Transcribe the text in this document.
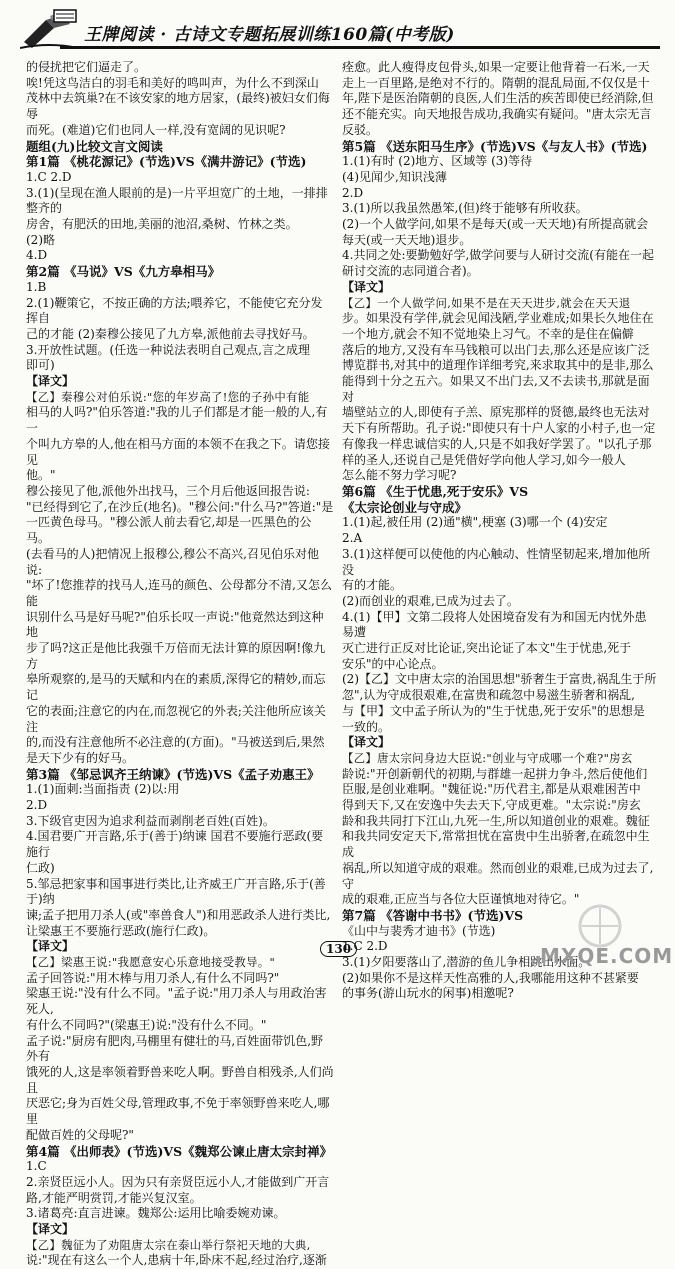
王牌阅读 · 古诗文专题拓展训练160篇(中考版)

的侵扰把它们逼走了。

唉!凭这鸟洁白的羽毛和美好的鸣叫声，为什么不到深山

茂林中去筑巢?在不该安家的地方居家，(最终)被妇女们侮辱

而死。(难道)它们也同人一样,没有宽阔的见识呢?

题组(九)比较文言文阅读

第1篇 《桃花源记》(节选)VS《满井游记》(节选)

1.C 2.D

3.(1)(呈现在渔人眼前的是)一片平坦宽广的土地，一排排整齐的

房舍，有肥沃的田地,美丽的池沼,桑树、竹林之类。

(2)略

4.D

第2篇 《马说》VS《九方皋相马》

1.B

2.(1)鞭策它，不按正确的方法;喂养它，不能使它充分发挥自

己的才能 (2)秦穆公接见了九方皋,派他前去寻找好马。

3.开放性试题。(任选一种说法表明自己观点,言之成理

即可)

【译文】

【乙】秦穆公对伯乐说:"您的年岁高了!您的子孙中有能

相马的人吗?"伯乐答道:"我的儿子们都是才能一般的人,有一

个叫九方皋的人,他在相马方面的本领不在我之下。请您接见

他。"

穆公接见了他,派他外出找马，三个月后他返回报告说:

"已经得到它了,在沙丘(地名)。"穆公问:"什么马?"答道:"是

一匹黄色母马。"穆公派人前去看它,却是一匹黑色的公马。

(去看马的人)把情况上报穆公,穆公不高兴,召见伯乐对他说:

"坏了!您推荐的找马人,连马的颜色、公母都分不清,又怎么能

识别什么马是好马呢?"伯乐长叹一声说:"他竟然达到这种地

步了吗?这正是他比我强千万倍而无法计算的原因啊!像九方

皋所观察的,是马的天赋和内在的素质,深得它的精妙,而忘记

它的表面;注意它的内在,而忽视它的外表;关注他所应该关注

的,而没有注意他所不必注意的(方面)。"马被送到后,果然

是天下少有的好马。

第3篇 《邹忌讽齐王纳谏》(节选)VS《孟子劝惠王》

1.(1)面刺:当面指责 (2)以:用

2.D

3.下级官吏因为追求利益而剥削老百姓(百姓)。

4.国君要广开言路,乐于(善于)纳谏 国君不要施行恶政(要施行

仁政)

5.邹忌把家事和国事进行类比,让齐威王广开言路,乐于(善于)纳

谏;孟子把用刀杀人(或"率兽食人")和用恶政杀人进行类比,

让梁惠王不要施行恶政(施行仁政)。

【译文】

【乙】梁惠王说:"我愿意安心乐意地接受教导。"

孟子回答说:"用木棒与用刀杀人,有什么不同吗?"

梁惠王说:"没有什么不同。"孟子说:"用刀杀人与用政治害死人,

有什么不同吗?"(梁惠王)说:"没有什么不同。"

孟子说:"厨房有肥肉,马棚里有健壮的马,百姓面带饥色,野外有

饿死的人,这是率领着野兽来吃人啊。野兽自相残杀,人们尚且

厌恶它;身为百姓父母,管理政事,不免于率领野兽来吃人,哪里

配做百姓的父母呢?"

第4篇 《出师表》(节选)VS《魏郑公谏止唐太宗封禅》

1.C

2.亲贤臣远小人。因为只有亲贤臣远小人,才能做到广开言

路,才能严明赏罚,才能兴复汉室。

3.诸葛亮:直言进谏。魏郑公:运用比喻委婉劝谏。

【译文】

【乙】魏征为了劝阻唐太宗在泰山举行祭祀天地的大典,

说:"现在有这么一个人,患病十年,卧床不起,经过治疗,逐渐

痊愈。此人瘦得皮包骨头,如果一定要让他背着一石米,一天

走上一百里路,是绝对不行的。隋朝的混乱局面,不仅仅是十

年,陛下是医治隋朝的良医,人们生活的疾苦即使已经消除,但

还不能充实。向天地报告成功,我确实有疑问。"唐太宗无言反驳。

第5篇 《送东阳马生序》(节选)VS《与友人书》(节选)

1.(1)有时 (2)地方、区域等 (3)等待

(4)见闻少,知识浅薄

2.D

3.(1)所以我虽然愚笨,(但)终于能够有所收获。

(2)一个人做学问,如果不是每天(或一天天地)有所提高就会

每天(或一天天地)退步。

4.共同之处:要勤勉好学,做学问要与人研讨交流(有能在一起

研讨交流的志同道合者)。

【译文】

【乙】一个人做学问,如果不是在天天进步,就会在天天退

步。如果没有学伴,就会见闻浅陋,学业难成;如果长久地住在

一个地方,就会不知不觉地染上习气。不幸的是住在偏僻

落后的地方,又没有车马钱粮可以出门去,那么还是应该广泛

博览群书,对其中的道理作详细考究,来求取其中的是非,那么

能得到十分之五六。如果又不出门去,又不去读书,那就是面对

墙壁站立的人,即使有子羔、原宪那样的贤德,最终也无法对

天下有所帮助。孔子说:"即使只有十户人家的小村子,也一定

有像我一样忠诚信实的人,只是不如我好学罢了。"以孔子那

样的圣人,还说自己是凭借好学向他人学习,如今一般人

怎么能不努力学习呢?

第6篇 《生于忧患,死于安乐》VS

《太宗论创业与守成》

1.(1)起,被任用 (2)通"横",梗塞 (3)哪一个 (4)安定

2.A

3.(1)这样便可以使他的内心触动、性情坚韧起来,增加他所没

有的才能。

(2)而创业的艰难,已成为过去了。

4.(1)【甲】文第二段将人处困境奋发有为和国无内忧外患易遭

灭亡进行正反对比论证,突出论证了本文"生于忧患,死于

安乐"的中心论点。

(2)【乙】文中唐太宗的治国思想"骄奢生于富贵,祸乱生于所

忽",认为守成很艰难,在富贵和疏忽中易滋生骄奢和祸乱,

与【甲】文中孟子所认为的"生于忧患,死于安乐"的思想是

一致的。

【译文】

【乙】唐太宗问身边大臣说:"创业与守成哪一个难?"房玄

龄说:"开创新朝代的初期,与群雄一起拼力争斗,然后使他们

臣服,是创业难啊。"魏征说:"历代君主,都是从艰难困苦中

得到天下,又在安逸中失去天下,守成更难。"太宗说:"房玄

龄和我共同打下江山,九死一生,所以知道创业的艰难。魏征

和我共同安定天下,常常担忧在富贵中生出骄奢,在疏忽中生成

祸乱,所以知道守成的艰难。然而创业的艰难,已成为过去了,守

成的艰难,正应当与各位大臣谨慎地对待它。"

第7篇 《答谢中书书》(节选)VS

《山中与裴秀才迪书》(节选)

1.C 2.D

3.(1)夕阳要落山了,潜游的鱼儿争相跳出水面。

(2)如果你不是这样天性高雅的人,我哪能用这种不甚紧要

的事务(游山玩水的闲事)相邀呢?

130	MXQE.COM
